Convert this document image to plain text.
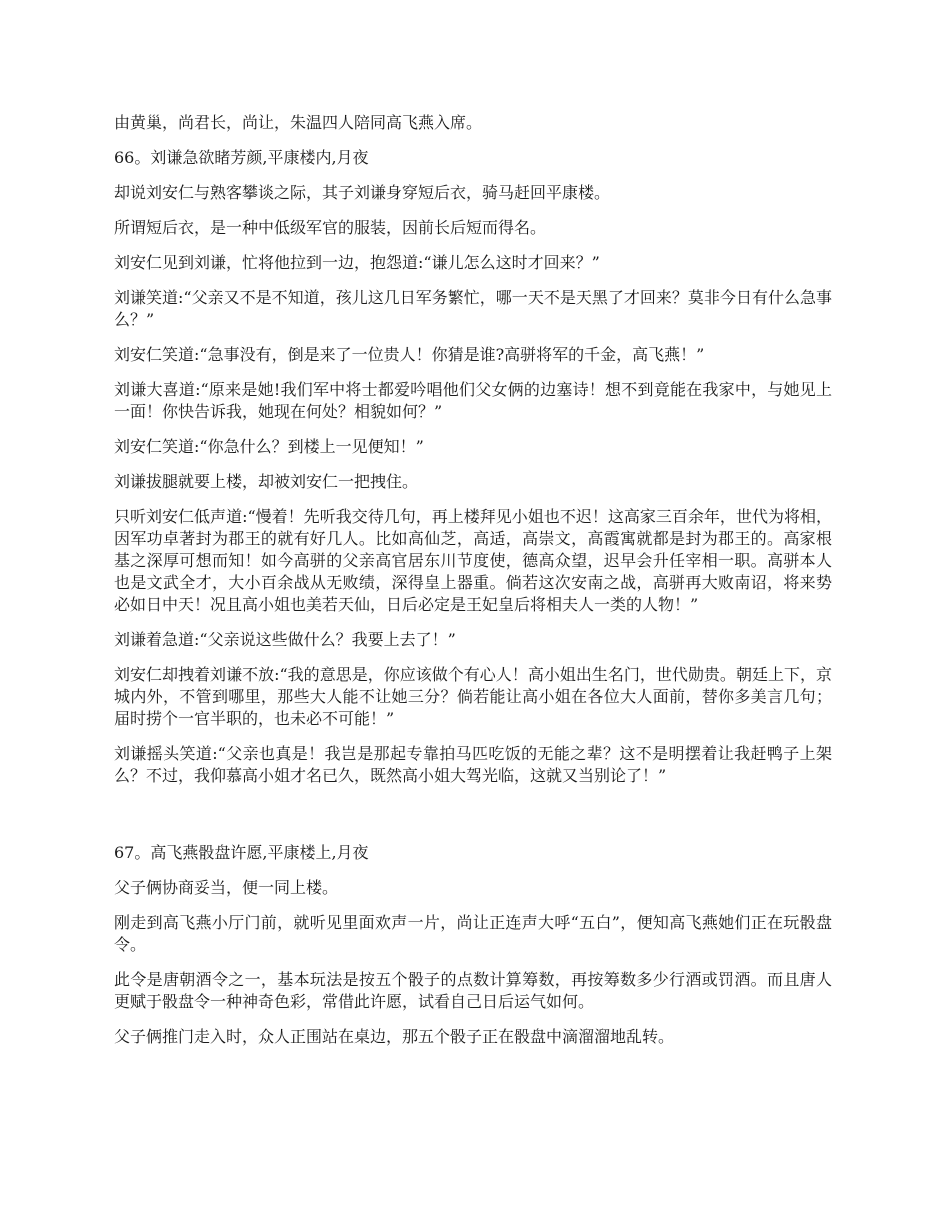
由黄巢，尚君长，尚让，朱温四人陪同高飞燕入席。

66。刘谦急欲睹芳颜,平康楼内,月夜

却说刘安仁与熟客攀谈之际，其子刘谦身穿短后衣，骑马赶回平康楼。

所谓短后衣，是一种中低级军官的服装，因前长后短而得名。

刘安仁见到刘谦，忙将他拉到一边，抱怨道:“谦儿怎么这时才回来？”

刘谦笑道:“父亲又不是不知道，孩儿这几日军务繁忙，哪一天不是天黑了才回来？莫非今日有什么急事么？”

刘安仁笑道:“急事没有，倒是来了一位贵人！你猜是谁?高骈将军的千金，高飞燕！”

刘谦大喜道:“原来是她!我们军中将士都爱吟唱他们父女俩的边塞诗！想不到竟能在我家中，与她见上一面！你快告诉我，她现在何处？相貌如何？”

刘安仁笑道:“你急什么？到楼上一见便知！”

刘谦拔腿就要上楼，却被刘安仁一把拽住。

只听刘安仁低声道:“慢着！先听我交待几句，再上楼拜见小姐也不迟！这高家三百余年，世代为将相，因军功卓著封为郡王的就有好几人。比如高仙芝，高适，高崇文，高霞寓就都是封为郡王的。高家根基之深厚可想而知！如今高骈的父亲高官居东川节度使，德高众望，迟早会升任宰相一职。高骈本人也是文武全才，大小百余战从无败绩，深得皇上器重。倘若这次安南之战，高骈再大败南诏，将来势必如日中天！况且高小姐也美若天仙，日后必定是王妃皇后将相夫人一类的人物！”

刘谦着急道:“父亲说这些做什么？我要上去了！”

刘安仁却拽着刘谦不放:“我的意思是，你应该做个有心人！高小姐出生名门，世代勋贵。朝廷上下，京城内外，不管到哪里，那些大人能不让她三分？倘若能让高小姐在各位大人面前，替你多美言几句；届时捞个一官半职的，也未必不可能！”

刘谦摇头笑道:“父亲也真是！我岂是那起专靠拍马匹吃饭的无能之辈？这不是明摆着让我赶鸭子上架么？不过，我仰慕高小姐才名已久，既然高小姐大驾光临，这就又当别论了！”

67。高飞燕骰盘许愿,平康楼上,月夜

父子俩协商妥当，便一同上楼。

刚走到高飞燕小厅门前，就听见里面欢声一片，尚让正连声大呼“五白”，便知高飞燕她们正在玩骰盘令。

此令是唐朝酒令之一，基本玩法是按五个骰子的点数计算筹数，再按筹数多少行酒或罚酒。而且唐人更赋于骰盘令一种神奇色彩，常借此许愿，试看自己日后运气如何。

父子俩推门走入时，众人正围站在桌边，那五个骰子正在骰盘中滴溜溜地乱转。
